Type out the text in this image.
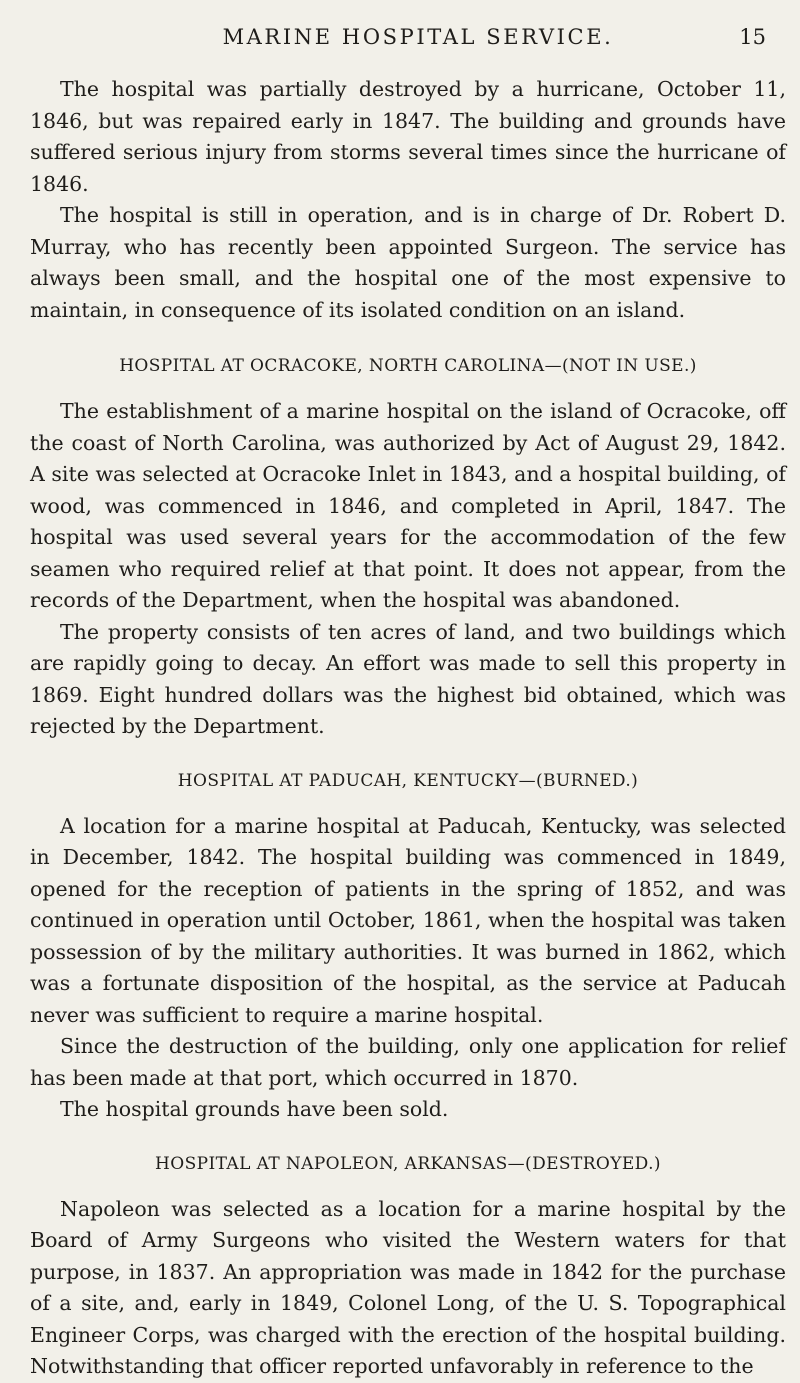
MARINE HOSPITAL SERVICE.	15

The hospital was partially destroyed by a hurricane, October 11, 1846, but was repaired early in 1847. The building and grounds have suffered serious injury from storms several times since the hurricane of 1846.

The hospital is still in operation, and is in charge of Dr. Robert D. Murray, who has recently been appointed Surgeon. The service has always been small, and the hospital one of the most expensive to maintain, in consequence of its isolated condition on an island.

HOSPITAL AT OCRACOKE, NORTH CAROLINA—(NOT IN USE.)

The establishment of a marine hospital on the island of Ocracoke, off the coast of North Carolina, was authorized by Act of August 29, 1842. A site was selected at Ocracoke Inlet in 1843, and a hospital building, of wood, was commenced in 1846, and completed in April, 1847. The hospital was used several years for the accommodation of the few seamen who required relief at that point. It does not appear, from the records of the Department, when the hospital was abandoned.

The property consists of ten acres of land, and two buildings which are rapidly going to decay. An effort was made to sell this property in 1869. Eight hundred dollars was the highest bid obtained, which was rejected by the Department.

HOSPITAL AT PADUCAH, KENTUCKY—(BURNED.)

A location for a marine hospital at Paducah, Kentucky, was selected in December, 1842. The hospital building was commenced in 1849, opened for the reception of patients in the spring of 1852, and was continued in operation until October, 1861, when the hospital was taken possession of by the military authorities. It was burned in 1862, which was a fortunate disposition of the hospital, as the service at Paducah never was sufficient to require a marine hospital.

Since the destruction of the building, only one application for relief has been made at that port, which occurred in 1870.

The hospital grounds have been sold.

HOSPITAL AT NAPOLEON, ARKANSAS—(DESTROYED.)

Napoleon was selected as a location for a marine hospital by the Board of Army Surgeons who visited the Western waters for that purpose, in 1837. An appropriation was made in 1842 for the purchase of a site, and, early in 1849, Colonel Long, of the U. S. Topographical Engineer Corps, was charged with the erection of the hospital building. Notwithstanding that officer reported unfavorably in reference to the
